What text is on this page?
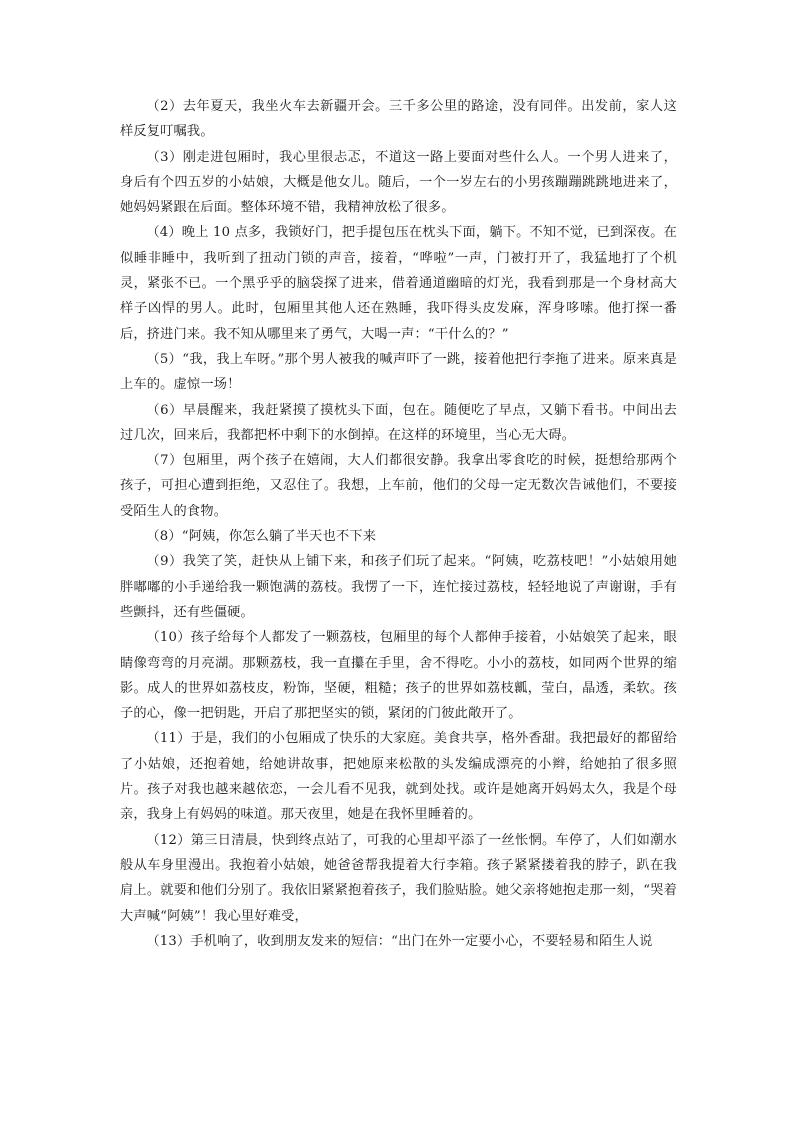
（2）去年夏天，我坐火车去新疆开会。三千多公里的路途，没有同伴。出发前，家人这样反复叮嘱我。

（3）刚走进包厢时，我心里很忐忑，不道这一路上要面对些什么人。一个男人进来了，身后有个四五岁的小姑娘，大概是他女儿。随后，一个一岁左右的小男孩蹦蹦跳跳地进来了，她妈妈紧跟在后面。整体环境不错，我精神放松了很多。

（4）晚上 10 点多，我锁好门，把手提包压在枕头下面，躺下。不知不觉，已到深夜。在似睡非睡中，我听到了扭动门锁的声音，接着，“哗啦”一声，门被打开了，我猛地打了个机灵，紧张不已。一个黑乎乎的脑袋探了进来，借着通道幽暗的灯光，我看到那是一个身材高大样子凶悍的男人。此时，包厢里其他人还在熟睡，我吓得头皮发麻，浑身哆嗦。他打探一番后，挤进门来。我不知从哪里来了勇气，大喝一声：“干什么的？”

（5）“我，我上车呀。”那个男人被我的喊声吓了一跳，接着他把行李拖了进来。原来真是上车的。虚惊一场！

（6）早晨醒来，我赶紧摸了摸枕头下面，包在。随便吃了早点，又躺下看书。中间出去过几次，回来后，我都把杯中剩下的水倒掉。在这样的环境里，当心无大碍。

（7）包厢里，两个孩子在嬉闹，大人们都很安静。我拿出零食吃的时候，挺想给那两个孩子，可担心遭到拒绝，又忍住了。我想，上车前，他们的父母一定无数次告诫他们，不要接受陌生人的食物。

（8）“阿姨，你怎么躺了半天也不下来

（9）我笑了笑，赶快从上铺下来，和孩子们玩了起来。“阿姨，吃荔枝吧！”小姑娘用她胖嘟嘟的小手递给我一颗饱满的荔枝。我愣了一下，连忙接过荔枝，轻轻地说了声谢谢，手有些颤抖，还有些僵硬。

（10）孩子给每个人都发了一颗荔枝，包厢里的每个人都伸手接着，小姑娘笑了起来，眼睛像弯弯的月亮湖。那颗荔枝，我一直攥在手里，舍不得吃。小小的荔枝，如同两个世界的缩影。成人的世界如荔枝皮，粉饰，坚硬，粗糙；孩子的世界如荔枝瓤，莹白，晶透，柔软。孩子的心，像一把钥匙，开启了那把坚实的锁，紧闭的门彼此敞开了。

（11）于是，我们的小包厢成了快乐的大家庭。美食共享，格外香甜。我把最好的都留给了小姑娘，还抱着她，给她讲故事，把她原来松散的头发编成漂亮的小辫，给她拍了很多照片。孩子对我也越来越依恋，一会儿看不见我，就到处找。或许是她离开妈妈太久，我是个母亲，我身上有妈妈的味道。那天夜里，她是在我怀里睡着的。

（12）第三日清晨，快到终点站了，可我的心里却平添了一丝怅惘。车停了，人们如潮水般从车身里漫出。我抱着小姑娘，她爸爸帮我提着大行李箱。孩子紧紧搂着我的脖子，趴在我肩上。就要和他们分别了。我依旧紧紧抱着孩子，我们脸贴脸。她父亲将她抱走那一刻，“哭着大声喊“阿姨”！我心里好难受，

（13）手机响了，收到朋友发来的短信：“出门在外一定要小心，不要轻易和陌生人说
